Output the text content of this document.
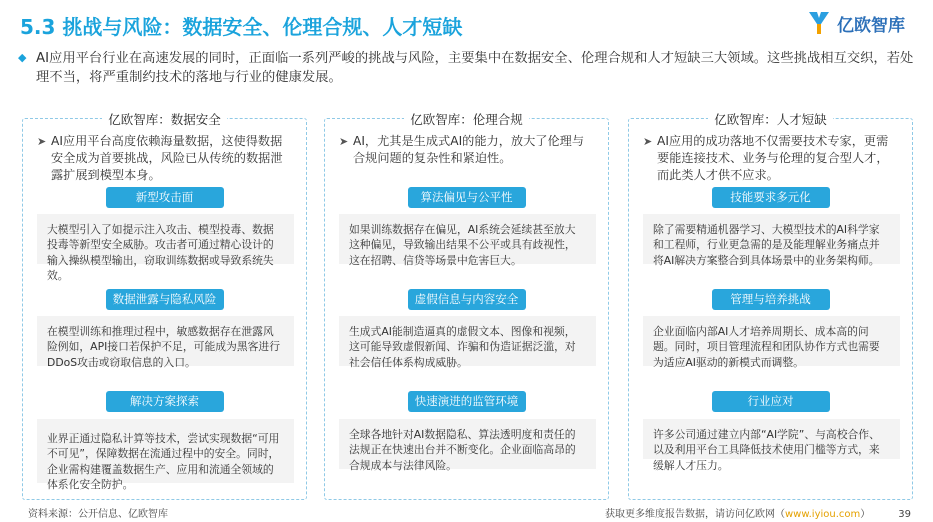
5.3 挑战与风险：数据安全、伦理合规、人才短缺	亿欧智库
◆ AI应用平台行业在高速发展的同时，正面临一系列严峻的挑战与风险，主要集中在数据安全、伦理合规和人才短缺三大领域。这些挑战相互交织，若处理不当，将严重制约技术的落地与行业的健康发展。
亿欧智库：数据安全
➤ AI应用平台高度依赖海量数据，这使得数据安全成为首要挑战，风险已从传统的数据泄露扩展到模型本身。
新型攻击面
大模型引入了如提示注入攻击、模型投毒、数据投毒等新型安全威胁。攻击者可通过精心设计的输入操纵模型输出，窃取训练数据或导致系统失效。
数据泄露与隐私风险
在模型训练和推理过程中，敏感数据存在泄露风险例如，API接口若保护不足，可能成为黑客进行DDoS攻击或窃取信息的入口。
解决方案探索
业界正通过隐私计算等技术，尝试实现数据“可用不可见”，保障数据在流通过程中的安全。同时，企业需构建覆盖数据生产、应用和流通全领域的体系化安全防护。
亿欧智库：伦理合规
➤ AI，尤其是生成式AI的能力，放大了伦理与合规问题的复杂性和紧迫性。
算法偏见与公平性
如果训练数据存在偏见，AI系统会延续甚至放大这种偏见，导致输出结果不公平或具有歧视性，这在招聘、信贷等场景中危害巨大。
虚假信息与内容安全
生成式AI能制造逼真的虚假文本、图像和视频，这可能导致虚假新闻、诈骗和伪造证据泛滥，对社会信任体系构成威胁。
快速演进的监管环境
全球各地针对AI数据隐私、算法透明度和责任的法规正在快速出台并不断变化。企业面临高昂的合规成本与法律风险。
亿欧智库：人才短缺
➤ AI应用的成功落地不仅需要技术专家，更需要能连接技术、业务与伦理的复合型人才，而此类人才供不应求。
技能要求多元化
除了需要精通机器学习、大模型技术的AI科学家和工程师，行业更急需的是及能理解业务痛点并将AI解决方案整合到具体场景中的业务架构师。
管理与培养挑战
企业面临内部AI人才培养周期长、成本高的问题。同时，项目管理流程和团队协作方式也需要为适应AI驱动的新模式而调整。
行业应对
许多公司通过建立内部“AI学院”、与高校合作、以及利用平台工具降低技术使用门槛等方式，来缓解人才压力。
资料来源：公开信息、亿欧智库	获取更多维度报告数据，请访问亿欧网（www.iyiou.com）	39
